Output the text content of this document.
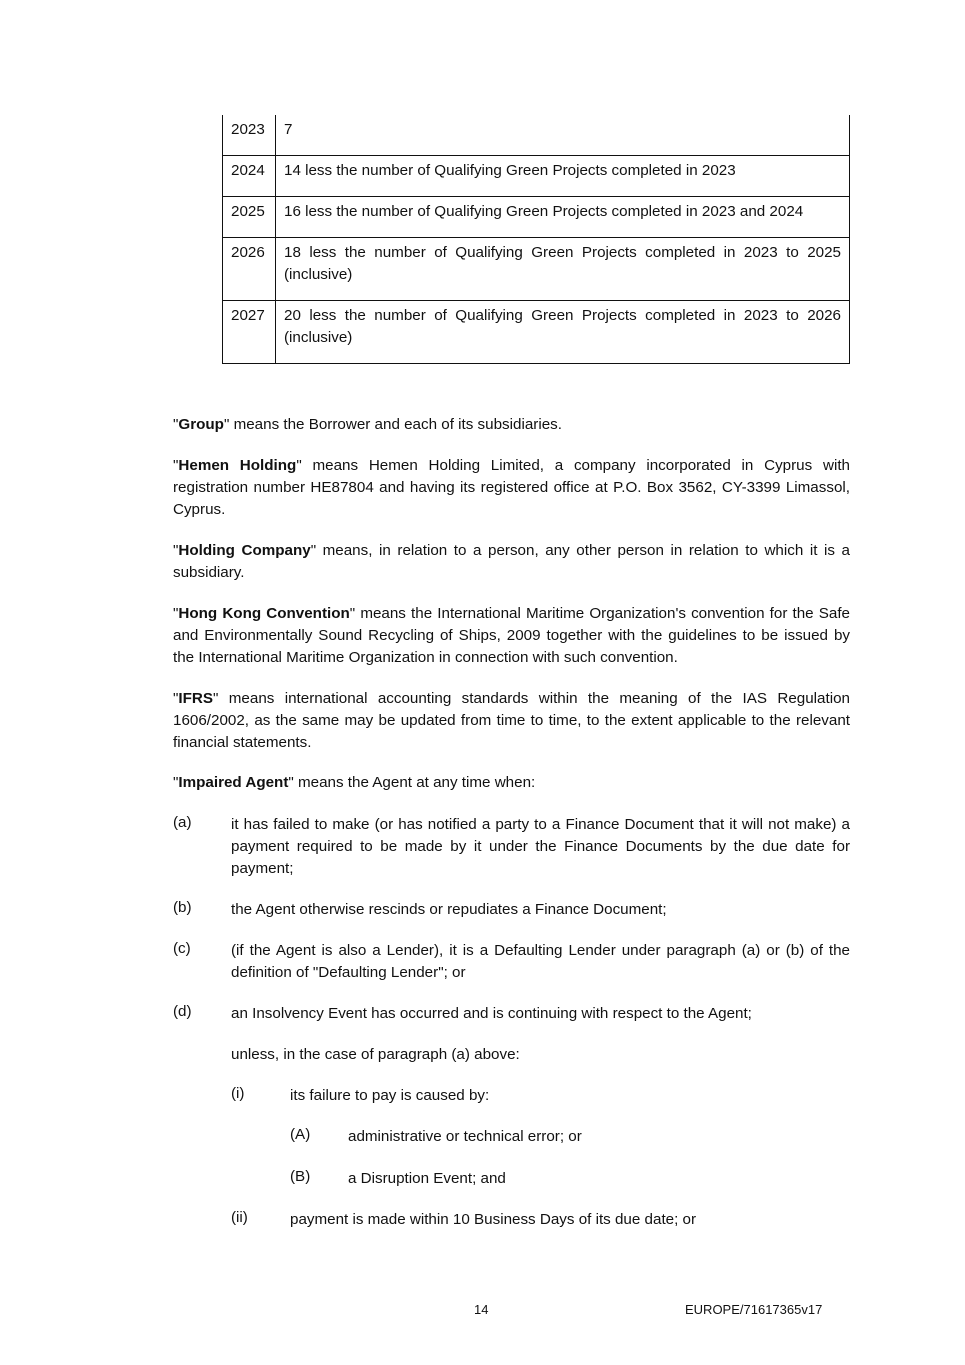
2023	7
2024	14 less the number of Qualifying Green Projects completed in 2023
2025	16 less the number of Qualifying Green Projects completed in 2023 and 2024
2026	18 less the number of Qualifying Green Projects completed in 2023 to 2025 (inclusive)
2027	20 less the number of Qualifying Green Projects completed in 2023 to 2026 (inclusive)
"Group" means the Borrower and each of its subsidiaries.
"Hemen Holding" means Hemen Holding Limited, a company incorporated in Cyprus with registration number HE87804 and having its registered office at P.O. Box 3562, CY-3399 Limassol, Cyprus.
"Holding Company" means, in relation to a person, any other person in relation to which it is a subsidiary.
"Hong Kong Convention" means the International Maritime Organization's convention for the Safe and Environmentally Sound Recycling of Ships, 2009 together with the guidelines to be issued by the International Maritime Organization in connection with such convention.
"IFRS" means international accounting standards within the meaning of the IAS Regulation 1606/2002, as the same may be updated from time to time, to the extent applicable to the relevant financial statements.
"Impaired Agent" means the Agent at any time when:
(a)	it has failed to make (or has notified a party to a Finance Document that it will not make) a payment required to be made by it under the Finance Documents by the due date for payment;
(b)	the Agent otherwise rescinds or repudiates a Finance Document;
(c)	(if the Agent is also a Lender), it is a Defaulting Lender under paragraph (a) or (b) of the definition of "Defaulting Lender"; or
(d)	an Insolvency Event has occurred and is continuing with respect to the Agent;
unless, in the case of paragraph (a) above:
(i)	its failure to pay is caused by:
(A) administrative or technical error; or
(B) a Disruption Event; and
(ii)	payment is made within 10 Business Days of its due date; or
14	EUROPE/71617365v17
